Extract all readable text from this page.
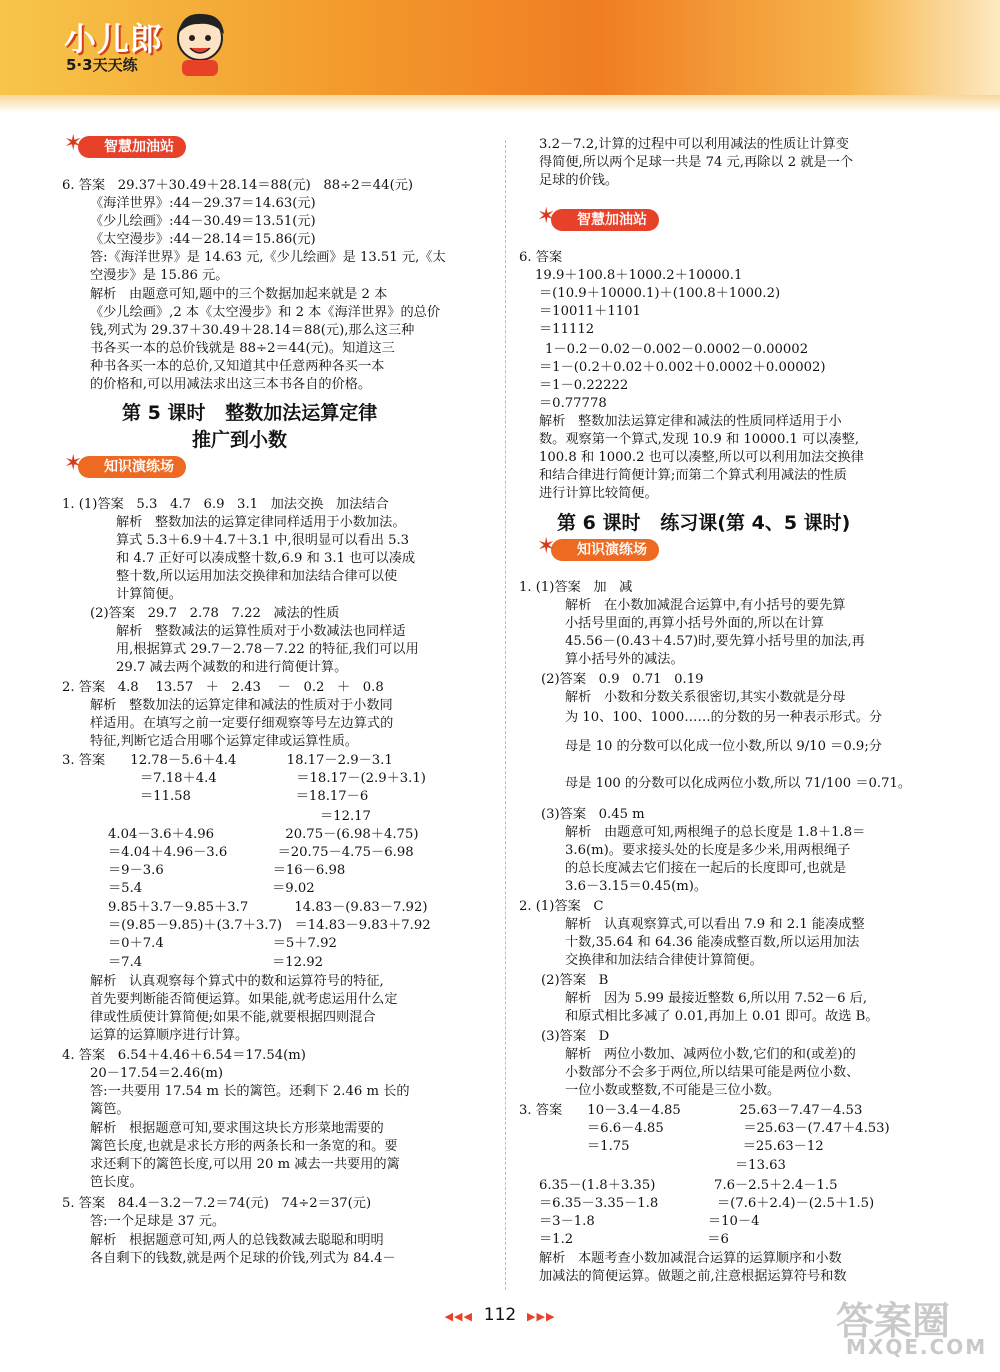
小儿郎
5·3天天练
✶ 智慧加油站
6. 答案   29.37＋30.49＋28.14＝88(元)   88÷2＝44(元)
《海洋世界》:44－29.37＝14.63(元)
《少儿绘画》:44－30.49＝13.51(元)
《太空漫步》:44－28.14＝15.86(元)
答:《海洋世界》是 14.63 元,《少儿绘画》是 13.51 元,《太
空漫步》是 15.86 元。
解析   由题意可知,题中的三个数据加起来就是 2 本
《少儿绘画》,2 本《太空漫步》和 2 本《海洋世界》的总价
钱,列式为 29.37＋30.49＋28.14＝88(元),那么这三种
书各买一本的总价钱就是 88÷2＝44(元)。知道这三
种书各买一本的总价,又知道其中任意两种各买一本
的价格和,可以用减法求出这三本书各自的价格。
第 5 课时   整数加法运算定律
推广到小数
✶ 知识演练场
1. (1)答案   5.3   4.7   6.9   3.1   加法交换   加法结合
解析   整数加法的运算定律同样适用于小数加法。
算式 5.3＋6.9＋4.7＋3.1 中,很明显可以看出 5.3
和 4.7 正好可以凑成整十数,6.9 和 3.1 也可以凑成
整十数,所以运用加法交换律和加法结合律可以使
计算简便。
(2)答案   29.7   2.78   7.22   减法的性质
解析   整数减法的运算性质对于小数减法也同样适
用,根据算式 29.7－2.78－7.22 的特征,我们可以用
29.7 减去两个减数的和进行简便计算。
2. 答案   4.8    13.57   ＋   2.43    －   0.2   ＋   0.8
解析   整数加法的运算定律和减法的性质对于小数同
样适用。在填写之前一定要仔细观察等号左边算式的
特征,判断它适合用哪个运算定律或运算性质。
3. 答案      12.78－5.6＋4.4            18.17－2.9－3.1
＝7.18＋4.4                   ＝18.17－(2.9＋3.1)
＝11.58                         ＝18.17－6
＝12.17
4.04－3.6＋4.96                 20.75－(6.98＋4.75)
＝4.04＋4.96－3.6            ＝20.75－4.75－6.98
＝9－3.6                          ＝16－6.98
＝5.4                               ＝9.02
9.85＋3.7－9.85＋3.7           14.83－(9.83－7.92)
＝(9.85－9.85)＋(3.7＋3.7)   ＝14.83－9.83＋7.92
＝0＋7.4                          ＝5＋7.92
＝7.4                               ＝12.92
解析   认真观察每个算式中的数和运算符号的特征,
首先要判断能否简便运算。如果能,就考虑运用什么定
律或性质使计算简便;如果不能,就要根据四则混合
运算的运算顺序进行计算。
4. 答案   6.54＋4.46＋6.54＝17.54(m)
20－17.54＝2.46(m)
答:一共要用 17.54 m 长的篱笆。还剩下 2.46 m 长的
篱笆。
解析   根据题意可知,要求围这块长方形菜地需要的
篱笆长度,也就是求长方形的两条长和一条宽的和。要
求还剩下的篱笆长度,可以用 20 m 减去一共要用的篱
笆长度。
5. 答案   84.4－3.2－7.2＝74(元)   74÷2＝37(元)
答:一个足球是 37 元。
解析   根据题意可知,两人的总钱数减去聪聪和明明
各自剩下的钱数,就是两个足球的价钱,列式为 84.4－
3.2－7.2,计算的过程中可以利用减法的性质让计算变
得简便,所以两个足球一共是 74 元,再除以 2 就是一个
足球的价钱。
✶ 智慧加油站
6. 答案
19.9＋100.8＋1000.2＋10000.1
＝(10.9＋10000.1)＋(100.8＋1000.2)
＝10011＋1101
＝11112
1－0.2－0.02－0.002－0.0002－0.00002
＝1－(0.2＋0.02＋0.002＋0.0002＋0.00002)
＝1－0.22222
＝0.77778
解析   整数加法运算定律和减法的性质同样适用于小
数。观察第一个算式,发现 10.9 和 10000.1 可以凑整,
100.8 和 1000.2 也可以凑整,所以可以利用加法交换律
和结合律进行简便计算;而第二个算式利用减法的性质
进行计算比较简便。
第 6 课时   练习课(第 4、5 课时)
✶ 知识演练场
1. (1)答案   加   减
解析   在小数加减混合运算中,有小括号的要先算
小括号里面的,再算小括号外面的,所以在计算
45.56－(0.43＋4.57)时,要先算小括号里的加法,再
算小括号外的减法。
(2)答案   0.9   0.71   0.19
解析   小数和分数关系很密切,其实小数就是分母
为 10、100、1000……的分数的另一种表示形式。分
母是 10 的分数可以化成一位小数,所以 9/10 ＝0.9;分
母是 100 的分数可以化成两位小数,所以 71/100 ＝0.71。
(3)答案   0.45 m
解析   由题意可知,两根绳子的总长度是 1.8＋1.8＝
3.6(m)。要求接头处的长度是多少米,用两根绳子
的总长度减去它们接在一起后的长度即可,也就是
3.6－3.15＝0.45(m)。
2. (1)答案   C
解析   认真观察算式,可以看出 7.9 和 2.1 能凑成整
十数,35.64 和 64.36 能凑成整百数,所以运用加法
交换律和加法结合律使计算简便。
(2)答案   B
解析   因为 5.99 最接近整数 6,所以用 7.52－6 后,
和原式相比多减了 0.01,再加上 0.01 即可。故选 B。
(3)答案   D
解析   两位小数加、减两位小数,它们的和(或差)的
小数部分不会多于两位,所以结果可能是两位小数、
一位小数或整数,不可能是三位小数。
3. 答案      10－3.4－4.85              25.63－7.47－4.53
＝6.6－4.85                   ＝25.63－(7.47＋4.53)
＝1.75                           ＝25.63－12
＝13.63
6.35－(1.8＋3.35)              7.6－2.5＋2.4－1.5
＝6.35－3.35－1.8              ＝(7.6＋2.4)－(2.5＋1.5)
＝3－1.8                           ＝10－4
＝1.2                                ＝6
解析   本题考查小数加减混合运算的运算顺序和小数
加减法的简便运算。做题之前,注意根据运算符号和数
◀◀◀ 112 ▶▶▶	答案圈
MXQE.COM
